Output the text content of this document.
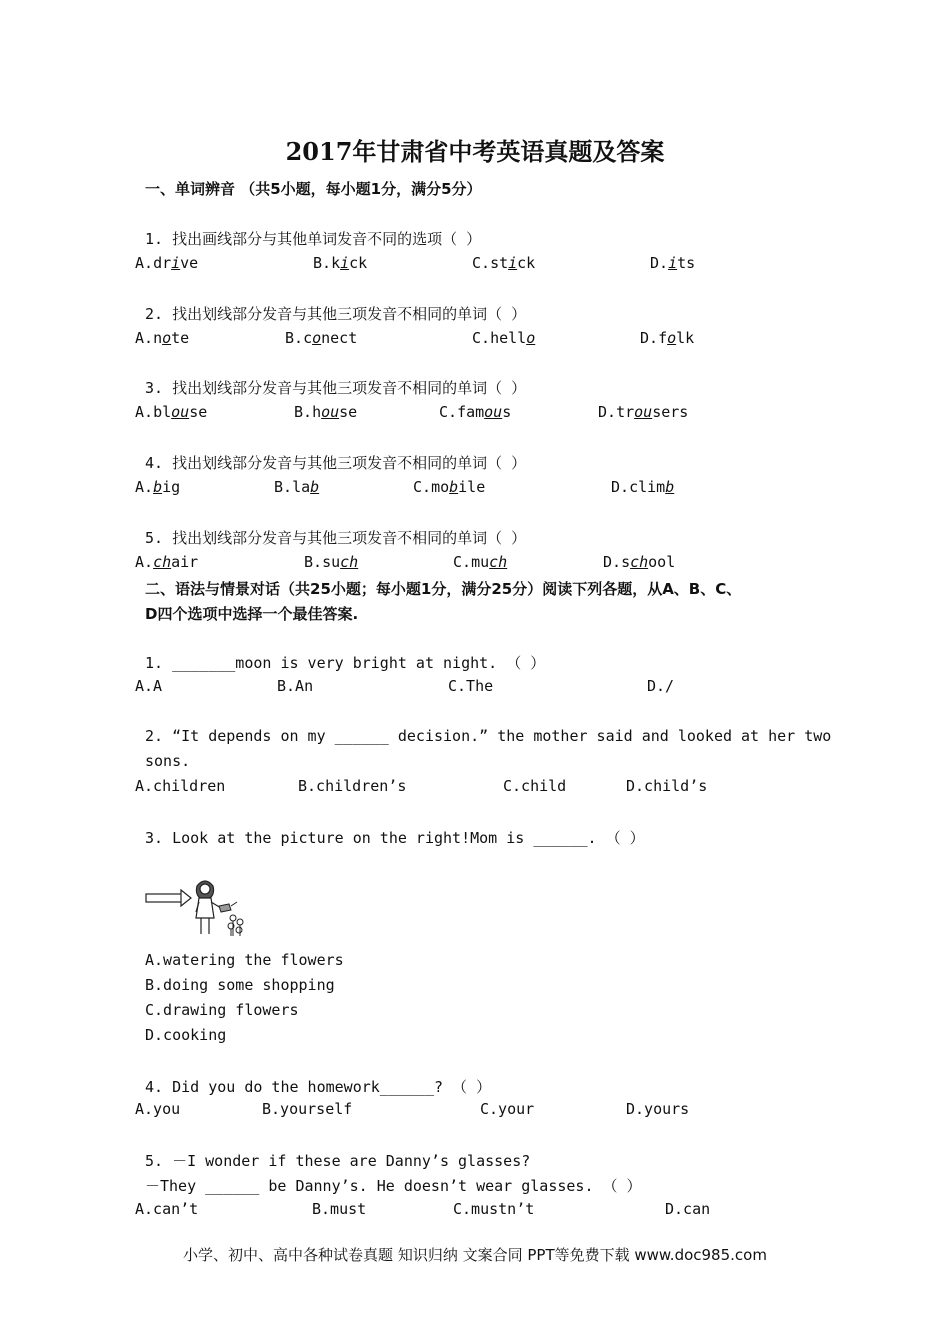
2017年甘肃省中考英语真题及答案
一、单词辨音 （共5小题，每小题1分，满分5分）
1. 找出画线部分与其他单词发音不同的选项（ ）
A.drive	B.kick	C.stick	D.its
2. 找出划线部分发音与其他三项发音不相同的单词（ ）
A.note	B.conect	C.hello	D.folk
3. 找出划线部分发音与其他三项发音不相同的单词（ ）
A.blouse	B.house	C.famous	D.trousers
4. 找出划线部分发音与其他三项发音不相同的单词（ ）
A.big	B.lab	C.mobile	D.climb
5. 找出划线部分发音与其他三项发音不相同的单词（ ）
A.chair	B.such	C.much	D.school
二、语法与情景对话（共25小题；每小题1分，满分25分）阅读下列各题，从A、B、C、
D四个选项中选择一个最佳答案.
1. _______moon is very bright at night. （ ）
A.A	B.An	C.The	D./
2. “It depends on my ______ decision.” the mother said and looked at her two
sons.
A.children	B.children’s	C.child	D.child’s
3. Look at the picture on the right!Mom is ______. （ ）
A.watering the flowers
B.doing some shopping
C.drawing flowers
D.cooking
4. Did you do the homework______? （ ）
A.you	B.yourself	C.your	D.yours
5. －I wonder if these are Danny’s glasses?
－They ______ be Danny’s. He doesn’t wear glasses. （ ）
A.can’t	B.must	C.mustn’t	D.can
小学、初中、高中各种试卷真题 知识归纳 文案合同 PPT等免费下载 www.doc985.com
